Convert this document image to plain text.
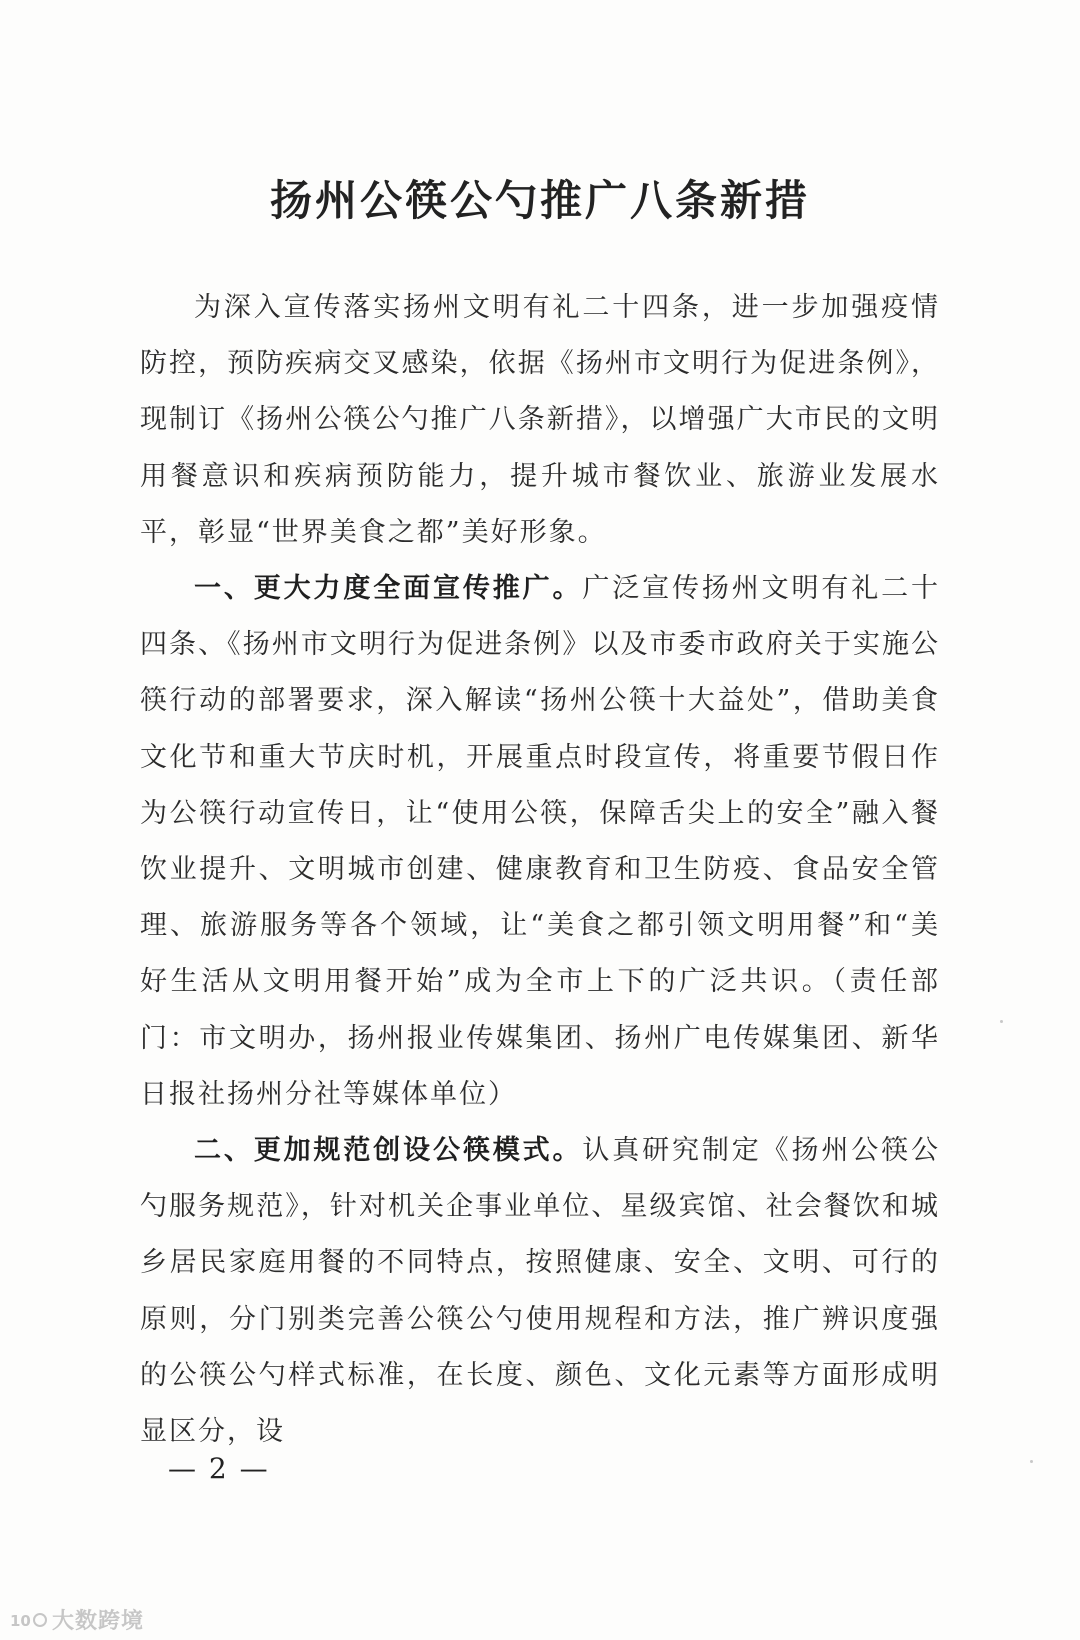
扬州公筷公勺推广八条新措

为深入宣传落实扬州文明有礼二十四条，进一步加强疫情防控，预防疾病交叉感染，依据《扬州市文明行为促进条例》，现制订《扬州公筷公勺推广八条新措》，以增强广大市民的文明用餐意识和疾病预防能力，提升城市餐饮业、旅游业发展水平，彰显“世界美食之都”美好形象。

一、更大力度全面宣传推广。广泛宣传扬州文明有礼二十四条、《扬州市文明行为促进条例》以及市委市政府关于实施公筷行动的部署要求，深入解读“扬州公筷十大益处”，借助美食文化节和重大节庆时机，开展重点时段宣传，将重要节假日作为公筷行动宣传日，让“使用公筷，保障舌尖上的安全”融入餐饮业提升、文明城市创建、健康教育和卫生防疫、食品安全管理、旅游服务等各个领域，让“美食之都引领文明用餐”和“美好生活从文明用餐开始”成为全市上下的广泛共识。（责任部门：市文明办，扬州报业传媒集团、扬州广电传媒集团、新华日报社扬州分社等媒体单位）

二、更加规范创设公筷模式。认真研究制定《扬州公筷公勺服务规范》，针对机关企事业单位、星级宾馆、社会餐饮和城乡居民家庭用餐的不同特点，按照健康、安全、文明、可行的原则，分门别类完善公筷公勺使用规程和方法，推广辨识度强的公筷公勺样式标准，在长度、颜色、文化元素等方面形成明显区分，设

— 2 —
10 大数跨境
